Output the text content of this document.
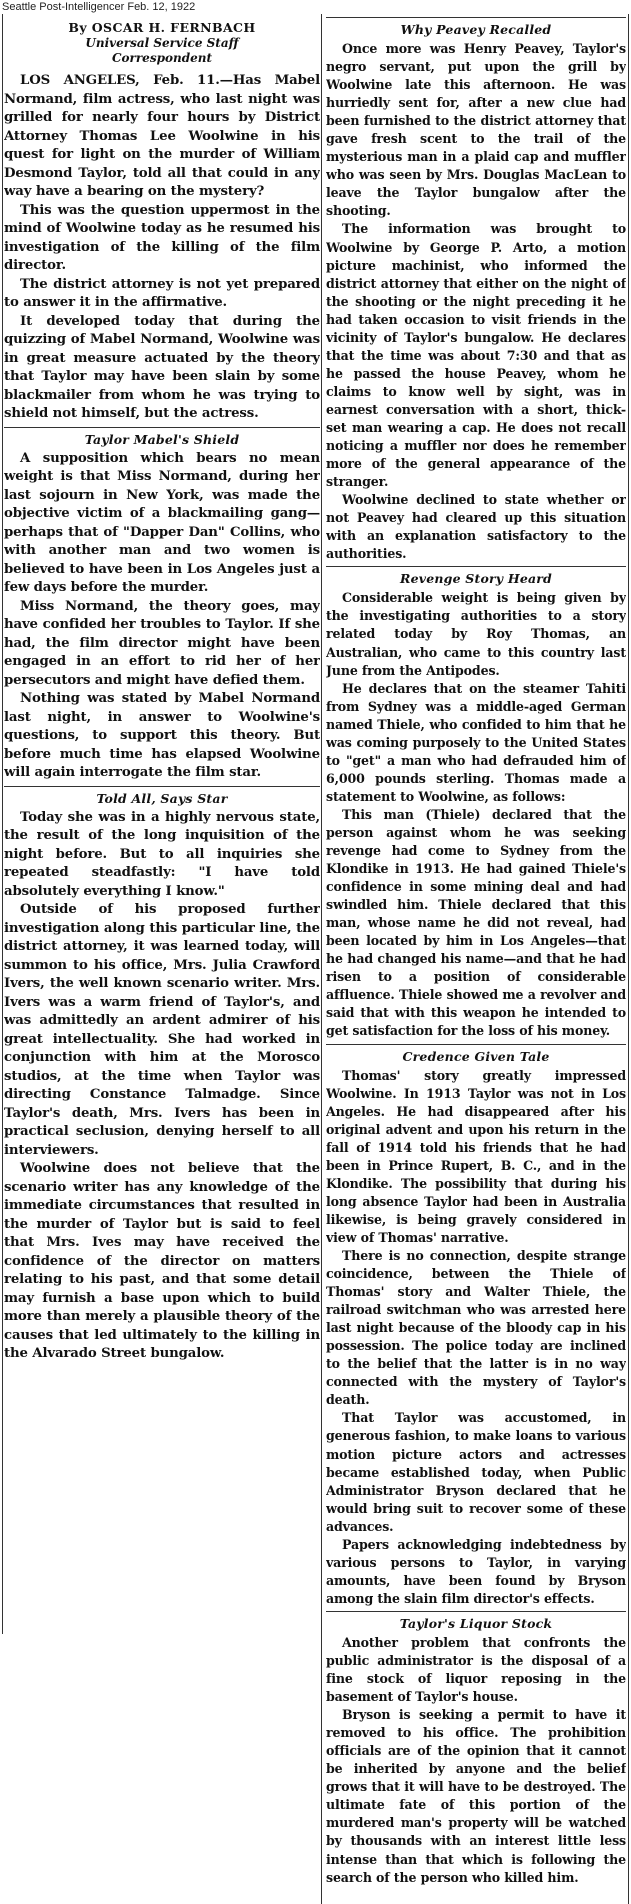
Seattle Post-Intelligencer Feb. 12, 1922

By OSCAR H. FERNBACH

Universal Service Staff

Correspondent

LOS ANGELES, Feb. 11.—Has Mabel Normand, film actress, who last night was grilled for nearly four hours by District Attorney Thomas Lee Woolwine in his quest for light on the murder of William Desmond Taylor, told all that could in any way have a bearing on the mystery?

This was the question uppermost in the mind of Woolwine today as he resumed his investigation of the killing of the film director.

The district attorney is not yet prepared to answer it in the affirmative.

It developed today that during the quizzing of Mabel Normand, Woolwine was in great measure actuated by the theory that Taylor may have been slain by some blackmailer from whom he was trying to shield not himself, but the actress.

Taylor Mabel's Shield

A supposition which bears no mean weight is that Miss Normand, during her last sojourn in New York, was made the objective victim of a blackmailing gang—perhaps that of "Dapper Dan" Collins, who with another man and two women is believed to have been in Los Angeles just a few days before the murder.

Miss Normand, the theory goes, may have confided her troubles to Taylor. If she had, the film director might have been engaged in an effort to rid her of her persecutors and might have defied them.

Nothing was stated by Mabel Normand last night, in answer to Woolwine's questions, to support this theory. But before much time has elapsed Woolwine will again interrogate the film star.

Told All, Says Star

Today she was in a highly nervous state, the result of the long inquisition of the night before. But to all inquiries she repeated steadfastly: "I have told absolutely everything I know."

Outside of his proposed further investigation along this particular line, the district attorney, it was learned today, will summon to his office, Mrs. Julia Crawford Ivers, the well known scenario writer. Mrs. Ivers was a warm friend of Taylor's, and was admittedly an ardent admirer of his great intellectuality. She had worked in conjunction with him at the Morosco studios, at the time when Taylor was directing Constance Talmadge. Since Taylor's death, Mrs. Ivers has been in practical seclusion, denying herself to all interviewers.

Woolwine does not believe that the scenario writer has any knowledge of the immediate circumstances that resulted in the murder of Taylor but is said to feel that Mrs. Ives may have received the confidence of the director on matters relating to his past, and that some detail may furnish a base upon which to build more than merely a plausible theory of the causes that led ultimately to the killing in the Alvarado Street bungalow.

Why Peavey Recalled

Once more was Henry Peavey, Taylor's negro servant, put upon the grill by Woolwine late this afternoon. He was hurriedly sent for, after a new clue had been furnished to the district attorney that gave fresh scent to the trail of the mysterious man in a plaid cap and muffler who was seen by Mrs. Douglas MacLean to leave the Taylor bungalow after the shooting.

The information was brought to Woolwine by George P. Arto, a motion picture machinist, who informed the district attorney that either on the night of the shooting or the night preceding it he had taken occasion to visit friends in the vicinity of Taylor's bungalow. He declares that the time was about 7:30 and that as he passed the house Peavey, whom he claims to know well by sight, was in earnest conversation with a short, thick-set man wearing a cap. He does not recall noticing a muffler nor does he remember more of the general appearance of the stranger.

Woolwine declined to state whether or not Peavey had cleared up this situation with an explanation satisfactory to the authorities.

Revenge Story Heard

Considerable weight is being given by the investigating authorities to a story related today by Roy Thomas, an Australian, who came to this country last June from the Antipodes.

He declares that on the steamer Tahiti from Sydney was a middle-aged German named Thiele, who confided to him that he was coming purposely to the United States to "get" a man who had defrauded him of 6,000 pounds sterling. Thomas made a statement to Woolwine, as follows:

This man (Thiele) declared that the person against whom he was seeking revenge had come to Sydney from the Klondike in 1913. He had gained Thiele's confidence in some mining deal and had swindled him. Thiele declared that this man, whose name he did not reveal, had been located by him in Los Angeles—that he had changed his name—and that he had risen to a position of considerable affluence. Thiele showed me a revolver and said that with this weapon he intended to get satisfaction for the loss of his money.

Credence Given Tale

Thomas' story greatly impressed Woolwine. In 1913 Taylor was not in Los Angeles. He had disappeared after his original advent and upon his return in the fall of 1914 told his friends that he had been in Prince Rupert, B. C., and in the Klondike. The possibility that during his long absence Taylor had been in Australia likewise, is being gravely considered in view of Thomas' narrative.

There is no connection, despite strange coincidence, between the Thiele of Thomas' story and Walter Thiele, the railroad switchman who was arrested here last night because of the bloody cap in his possession. The police today are inclined to the belief that the latter is in no way connected with the mystery of Taylor's death.

That Taylor was accustomed, in generous fashion, to make loans to various motion picture actors and actresses became established today, when Public Administrator Bryson declared that he would bring suit to recover some of these advances.

Papers acknowledging indebtedness by various persons to Taylor, in varying amounts, have been found by Bryson among the slain film director's effects.

Taylor's Liquor Stock

Another problem that confronts the public administrator is the disposal of a fine stock of liquor reposing in the basement of Taylor's house.

Bryson is seeking a permit to have it removed to his office. The prohibition officials are of the opinion that it cannot be inherited by anyone and the belief grows that it will have to be destroyed. The ultimate fate of this portion of the murdered man's property will be watched by thousands with an interest little less intense than that which is following the search of the person who killed him.
